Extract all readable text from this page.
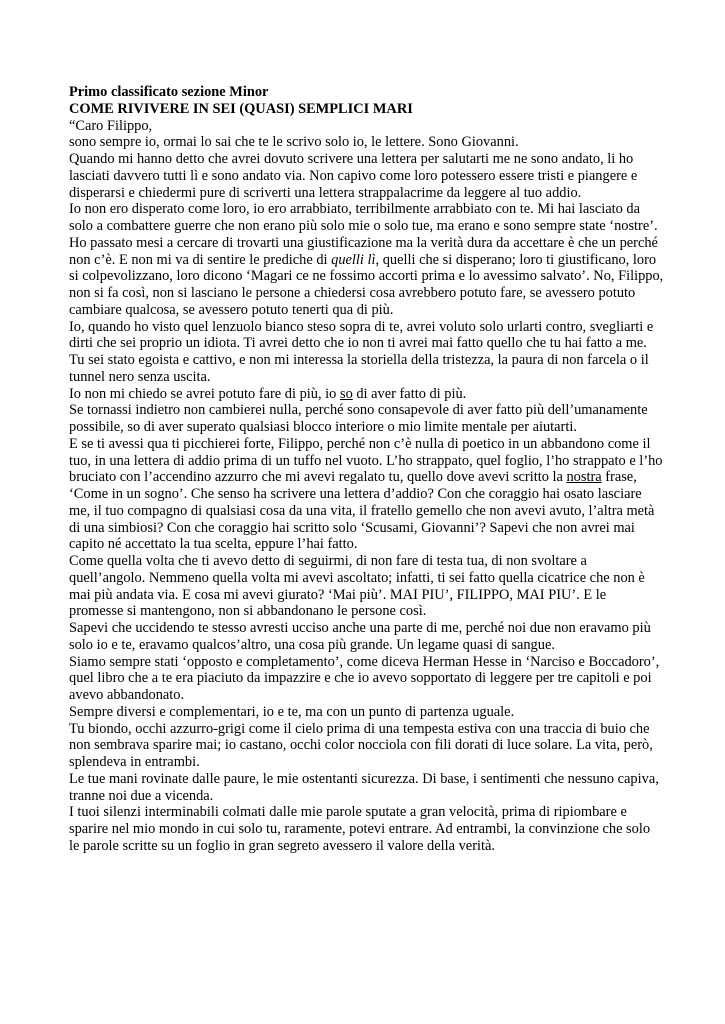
Primo classificato sezione Minor

COME RIVIVERE IN SEI (QUASI) SEMPLICI MARI

“Caro Filippo,

sono sempre io, ormai lo sai che te le scrivo solo io, le lettere. Sono Giovanni.

Quando mi hanno detto che avrei dovuto scrivere una lettera per salutarti me ne sono andato, li ho lasciati davvero tutti lì e sono andato via. Non capivo come loro potessero essere tristi e piangere e disperarsi e chiedermi pure di scriverti una lettera strappalacrime da leggere al tuo addio.

Io non ero disperato come loro, io ero arrabbiato, terribilmente arrabbiato con te. Mi hai lasciato da solo a combattere guerre che non erano più solo mie o solo tue, ma erano e sono sempre state ‘nostre’.

Ho passato mesi a cercare di trovarti una giustificazione ma la verità dura da accettare è che un perché non c’è. E non mi va di sentire le prediche di quelli lì, quelli che si disperano; loro ti giustificano, loro si colpevolizzano, loro dicono ‘Magari ce ne fossimo accorti prima e lo avessimo salvato’. No, Filippo, non si fa così, non si lasciano le persone a chiedersi cosa avrebbero potuto fare, se avessero potuto cambiare qualcosa, se avessero potuto tenerti qua di più.

Io, quando ho visto quel lenzuolo bianco steso sopra di te, avrei voluto solo urlarti contro, svegliarti e dirti che sei proprio un idiota. Ti avrei detto che io non ti avrei mai fatto quello che tu hai fatto a me. Tu sei stato egoista e cattivo, e non mi interessa la storiella della tristezza, la paura di non farcela o il tunnel nero senza uscita.

Io non mi chiedo se avrei potuto fare di più, io so di aver fatto di più.

Se tornassi indietro non cambierei nulla, perché sono consapevole di aver fatto più dell’umanamente possibile, so di aver superato qualsiasi blocco interiore o mio limite mentale per aiutarti.

E se ti avessi qua ti picchierei forte, Filippo, perché non c’è nulla di poetico in un abbandono come il tuo, in una lettera di addio prima di un tuffo nel vuoto. L’ho strappato, quel foglio, l’ho strappato e l’ho bruciato con l’accendino azzurro che mi avevi regalato tu, quello dove avevi scritto la nostra frase, ‘Come in un sogno’. Che senso ha scrivere una lettera d’addio? Con che coraggio hai osato lasciare me, il tuo compagno di qualsiasi cosa da una vita, il fratello gemello che non avevi avuto, l’altra metà di una simbiosi? Con che coraggio hai scritto solo ‘Scusami, Giovanni’? Sapevi che non avrei mai capito né accettato la tua scelta, eppure l’hai fatto.

Come quella volta che ti avevo detto di seguirmi, di non fare di testa tua, di non svoltare a quell’angolo. Nemmeno quella volta mi avevi ascoltato; infatti, ti sei fatto quella cicatrice che non è mai più andata via. E cosa mi avevi giurato? ‘Mai più’. MAI PIU’, FILIPPO, MAI PIU’. E le promesse si mantengono, non si abbandonano le persone così.

Sapevi che uccidendo te stesso avresti ucciso anche una parte di me, perché noi due non eravamo più solo io e te, eravamo qualcos’altro, una cosa più grande. Un legame quasi di sangue.

Siamo sempre stati ‘opposto e completamento’, come diceva Herman Hesse in ‘Narciso e Boccadoro’, quel libro che a te era piaciuto da impazzire e che io avevo sopportato di leggere per tre capitoli e poi avevo abbandonato.

Sempre diversi e complementari, io e te, ma con un punto di partenza uguale.

Tu biondo, occhi azzurro-grigi come il cielo prima di una tempesta estiva con una traccia di buio che non sembrava sparire mai; io castano, occhi color nocciola con fili dorati di luce solare. La vita, però, splendeva in entrambi.

Le tue mani rovinate dalle paure, le mie ostentanti sicurezza. Di base, i sentimenti che nessuno capiva, tranne noi due a vicenda.

I tuoi silenzi interminabili colmati dalle mie parole sputate a gran velocità, prima di ripiombare e sparire nel mio mondo in cui solo tu, raramente, potevi entrare. Ad entrambi, la convinzione che solo le parole scritte su un foglio in gran segreto avessero il valore della verità.
